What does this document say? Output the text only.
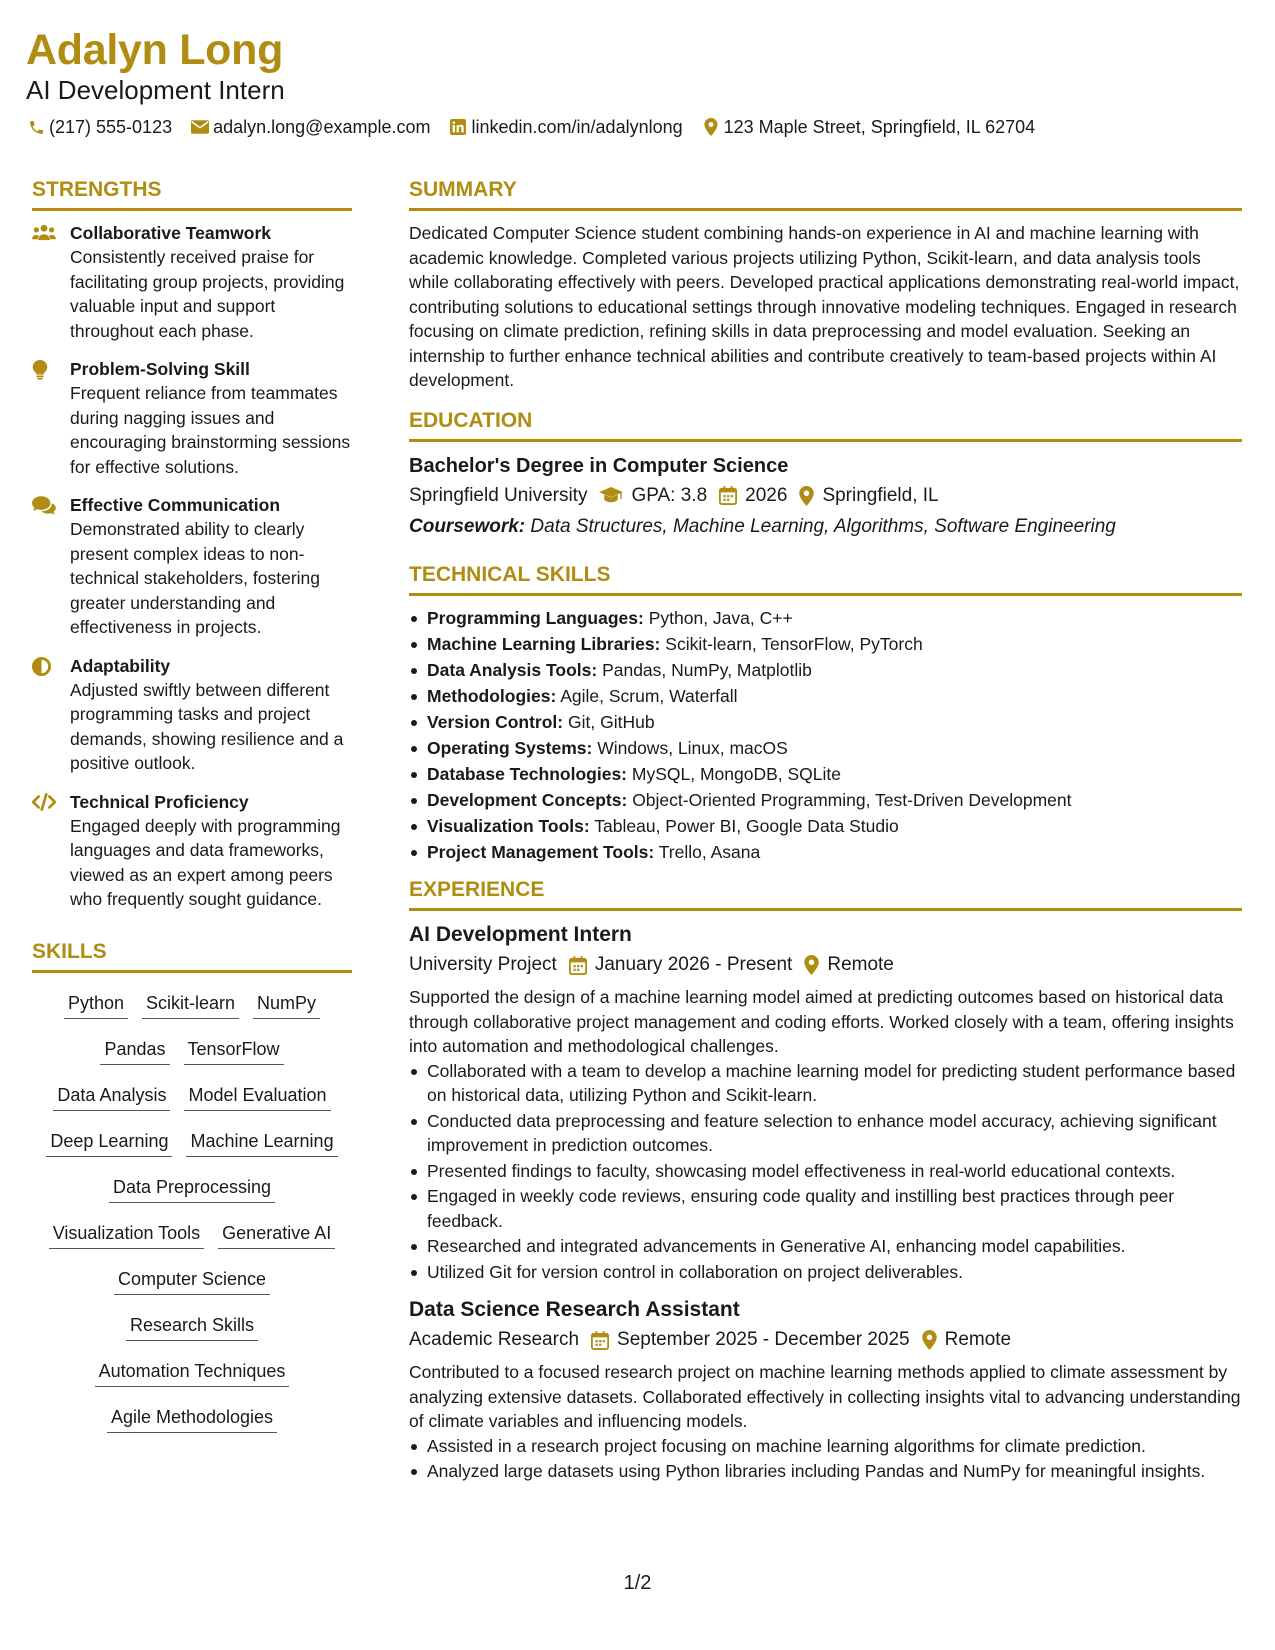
Adalyn Long
AI Development Intern
(217) 555-0123 adalyn.long@example.com linkedin.com/in/adalynlong 123 Maple Street, Springfield, IL 62704
STRENGTHS
Collaborative Teamwork
Consistently received praise for facilitating group projects, providing valuable input and support throughout each phase.
Problem-Solving Skill
Frequent reliance from teammates during nagging issues and encouraging brainstorming sessions for effective solutions.
Effective Communication
Demonstrated ability to clearly present complex ideas to non-technical stakeholders, fostering greater understanding and effectiveness in projects.
Adaptability
Adjusted swiftly between different programming tasks and project demands, showing resilience and a positive outlook.
Technical Proficiency
Engaged deeply with programming languages and data frameworks, viewed as an expert among peers who frequently sought guidance.
SKILLS
Python Scikit-learn NumPy
Pandas TensorFlow
Data Analysis Model Evaluation
Deep Learning Machine Learning
Data Preprocessing
Visualization Tools Generative AI
Computer Science
Research Skills
Automation Techniques
Agile Methodologies
SUMMARY
Dedicated Computer Science student combining hands-on experience in AI and machine learning with academic knowledge. Completed various projects utilizing Python, Scikit-learn, and data analysis tools while collaborating effectively with peers. Developed practical applications demonstrating real-world impact, contributing solutions to educational settings through innovative modeling techniques. Engaged in research focusing on climate prediction, refining skills in data preprocessing and model evaluation. Seeking an internship to further enhance technical abilities and contribute creatively to team-based projects within AI development.
EDUCATION
Bachelor's Degree in Computer Science
Springfield University GPA: 3.8 2026 Springfield, IL
Coursework: Data Structures, Machine Learning, Algorithms, Software Engineering
TECHNICAL SKILLS
Programming Languages: Python, Java, C++
Machine Learning Libraries: Scikit-learn, TensorFlow, PyTorch
Data Analysis Tools: Pandas, NumPy, Matplotlib
Methodologies: Agile, Scrum, Waterfall
Version Control: Git, GitHub
Operating Systems: Windows, Linux, macOS
Database Technologies: MySQL, MongoDB, SQLite
Development Concepts: Object-Oriented Programming, Test-Driven Development
Visualization Tools: Tableau, Power BI, Google Data Studio
Project Management Tools: Trello, Asana
EXPERIENCE
AI Development Intern
University Project January 2026 - Present Remote
Supported the design of a machine learning model aimed at predicting outcomes based on historical data through collaborative project management and coding efforts. Worked closely with a team, offering insights into automation and methodological challenges.
Collaborated with a team to develop a machine learning model for predicting student performance based on historical data, utilizing Python and Scikit-learn.
Conducted data preprocessing and feature selection to enhance model accuracy, achieving significant improvement in prediction outcomes.
Presented findings to faculty, showcasing model effectiveness in real-world educational contexts.
Engaged in weekly code reviews, ensuring code quality and instilling best practices through peer feedback.
Researched and integrated advancements in Generative AI, enhancing model capabilities.
Utilized Git for version control in collaboration on project deliverables.
Data Science Research Assistant
Academic Research September 2025 - December 2025 Remote
Contributed to a focused research project on machine learning methods applied to climate assessment by analyzing extensive datasets. Collaborated effectively in collecting insights vital to advancing understanding of climate variables and influencing models.
Assisted in a research project focusing on machine learning algorithms for climate prediction.
Analyzed large datasets using Python libraries including Pandas and NumPy for meaningful insights.
1/2
